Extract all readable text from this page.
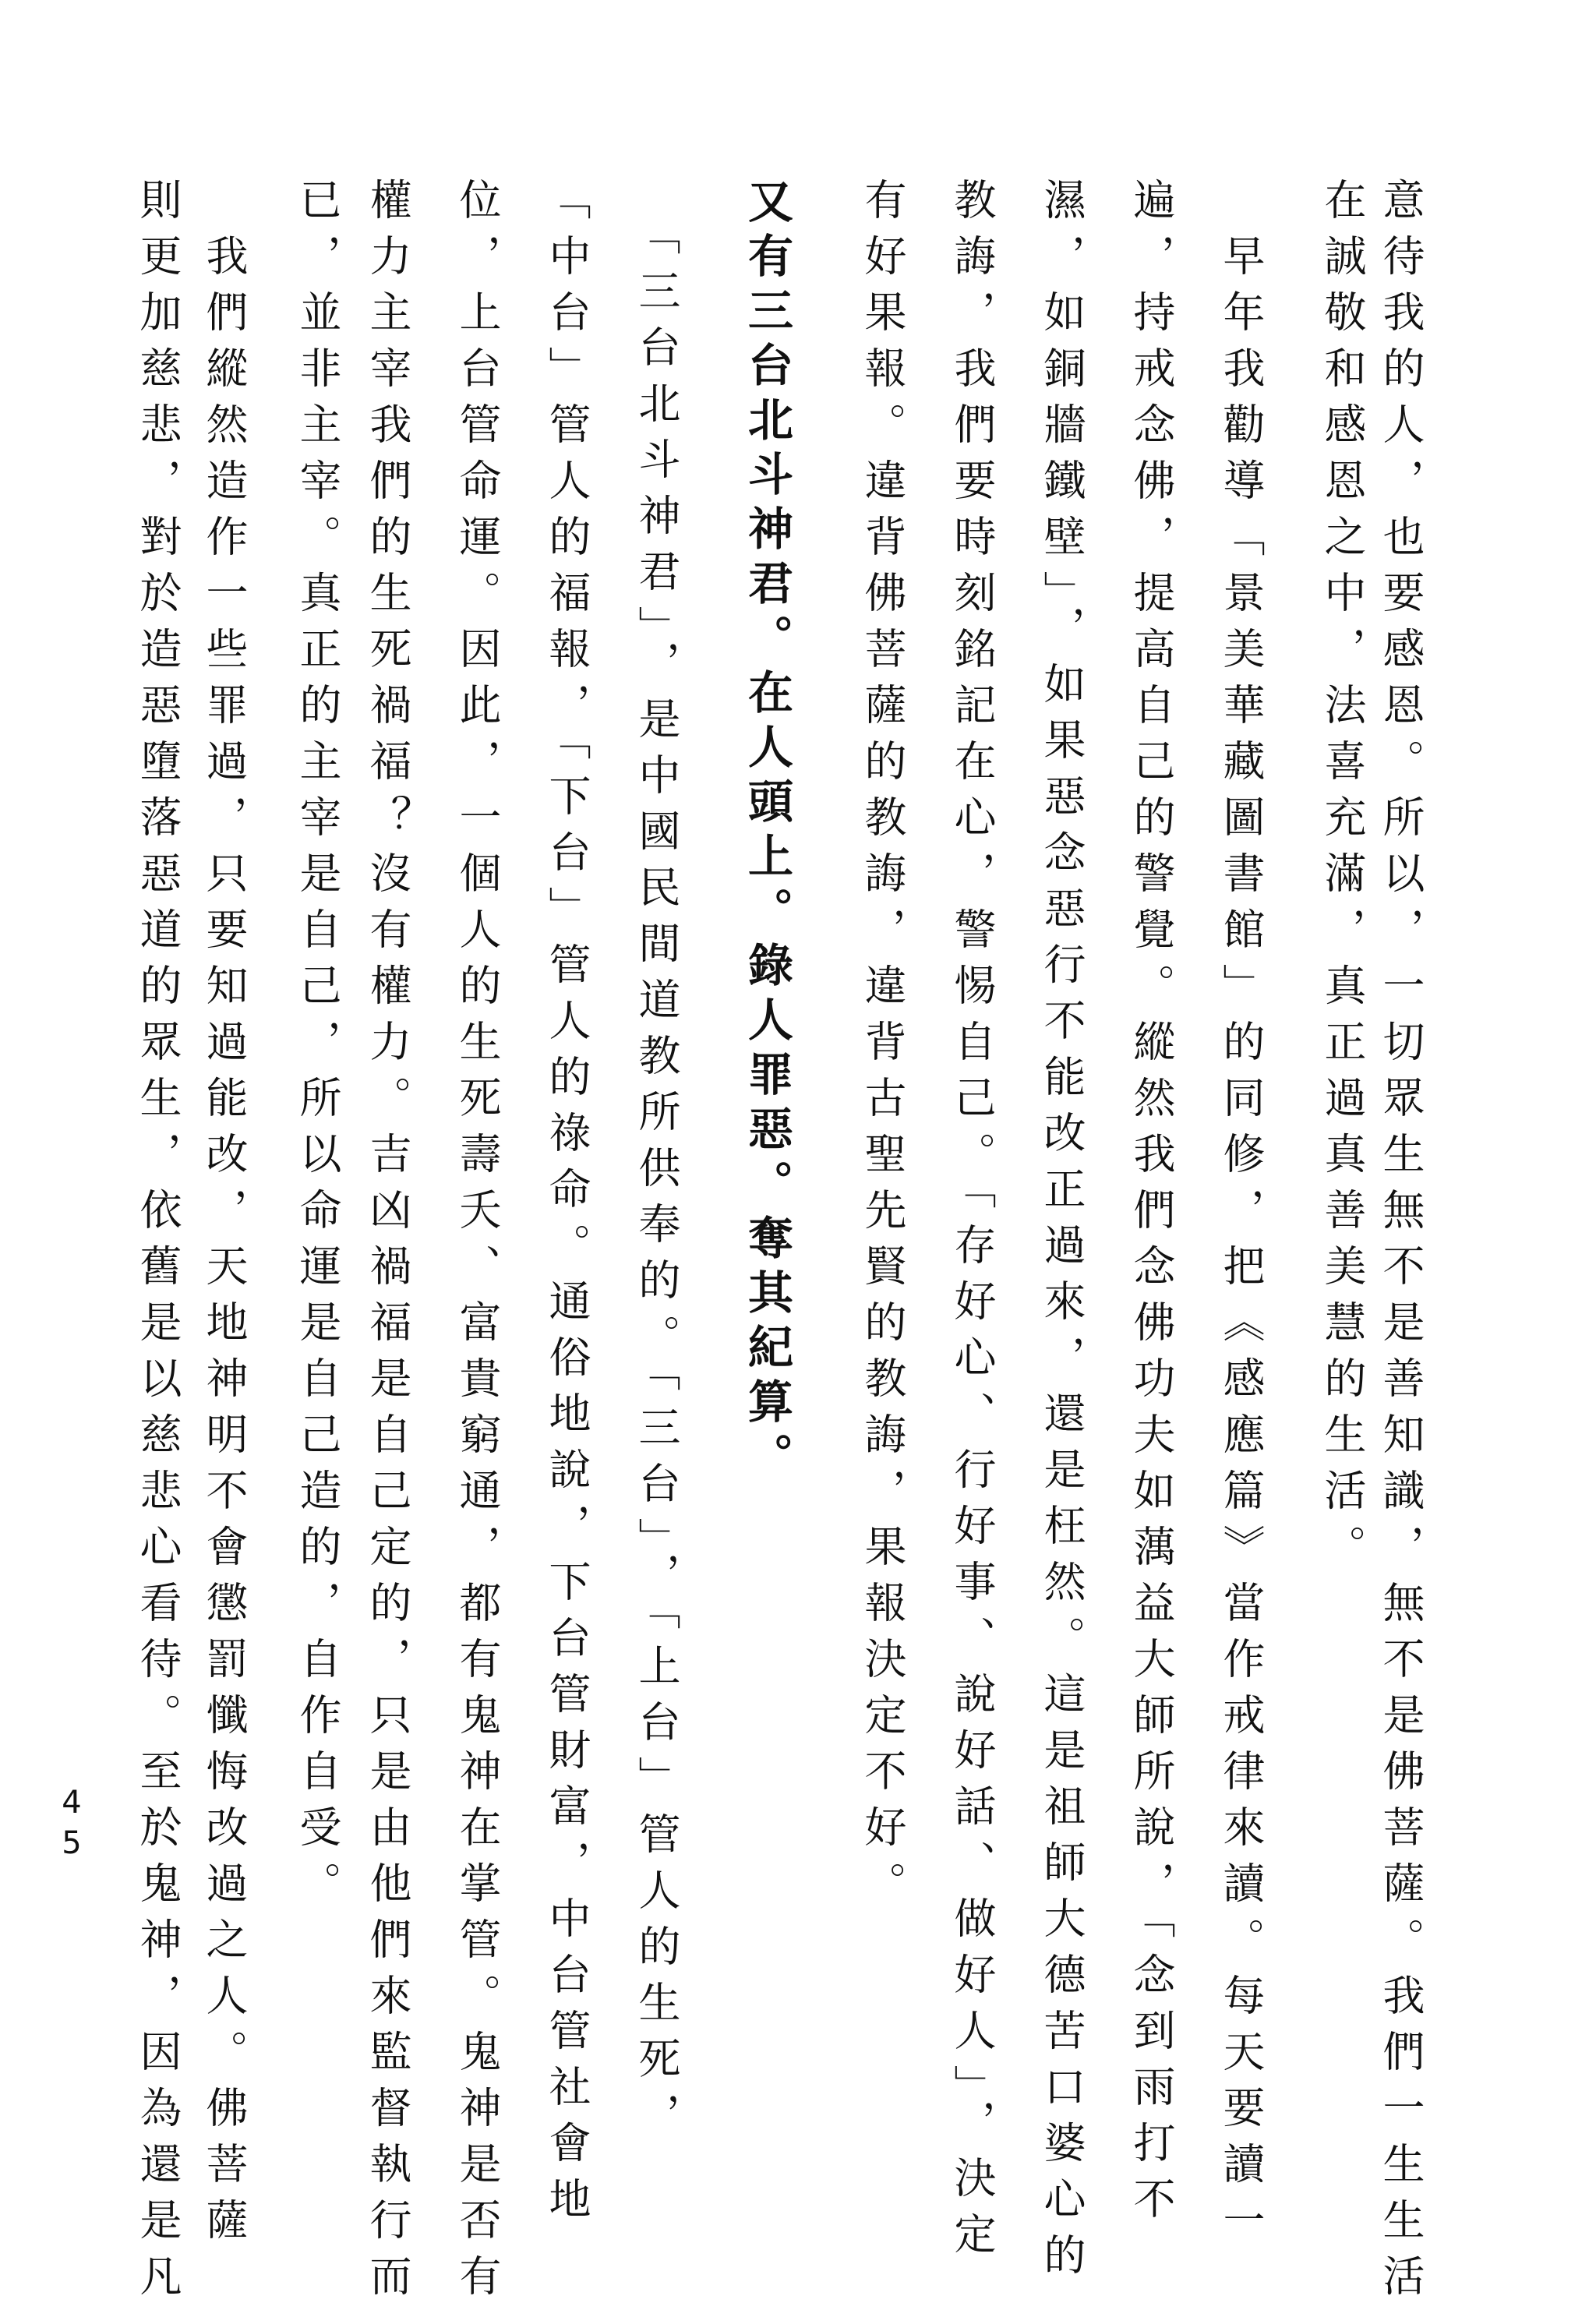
意待我的人，也要感恩。所以，一切眾生無不是善知識，無不是佛菩薩。我們一生生活
在誠敬和感恩之中，法喜充滿，真正過真善美慧的生活。
　早年我勸導「景美華藏圖書館」的同修，把《感應篇》當作戒律來讀。每天要讀一
遍，持戒念佛，提高自己的警覺。縱然我們念佛功夫如蕅益大師所說，「念到雨打不
濕，如銅牆鐵壁」，如果惡念惡行不能改正過來，還是枉然。這是祖師大德苦口婆心的
教誨，我們要時刻銘記在心，警惕自己。「存好心、行好事、說好話、做好人」，決定
有好果報。違背佛菩薩的教誨，違背古聖先賢的教誨，果報決定不好。
又有三台北斗神君。在人頭上。錄人罪惡。奪其紀算。
　「三台北斗神君」，是中國民間道教所供奉的。「三台」，「上台」管人的生死，
「中台」管人的福報，「下台」管人的祿命。通俗地說，下台管財富，中台管社會地
位，上台管命運。因此，一個人的生死壽夭、富貴窮通，都有鬼神在掌管。鬼神是否有
權力主宰我們的生死禍福？沒有權力。吉凶禍福是自己定的，只是由他們來監督執行而
已，並非主宰。真正的主宰是自己，所以命運是自己造的，自作自受。
　我們縱然造作一些罪過，只要知過能改，天地神明不會懲罰懺悔改過之人。佛菩薩
則更加慈悲，對於造惡墮落惡道的眾生，依舊是以慈悲心看待。至於鬼神，因為還是凡
45
